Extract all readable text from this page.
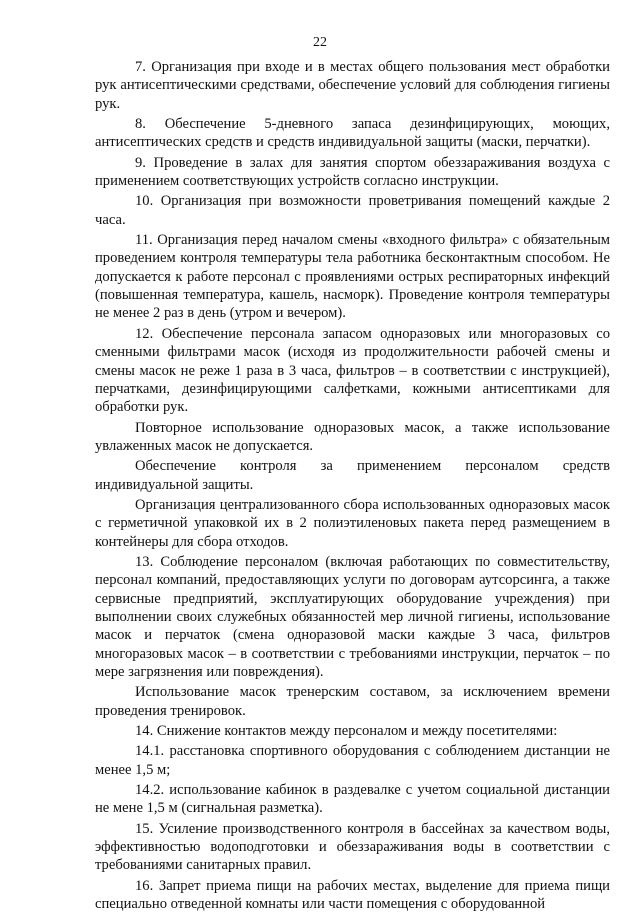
22

7. Организация при входе и в местах общего пользования мест обработки рук антисептическими средствами, обеспечение условий для соблюдения гигиены рук.

8. Обеспечение 5-дневного запаса дезинфицирующих, моющих, антисептических средств и средств индивидуальной защиты (маски, перчатки).

9. Проведение в залах для занятия спортом обеззараживания воздуха с применением соответствующих устройств согласно инструкции.

10. Организация при возможности проветривания помещений каждые 2 часа.

11. Организация перед началом смены «входного фильтра» с обязательным проведением контроля температуры тела работника бесконтактным способом. Не допускается к работе персонал с проявлениями острых респираторных инфекций (повышенная температура, кашель, насморк). Проведение контроля температуры не менее 2 раз в день (утром и вечером).

12. Обеспечение персонала запасом одноразовых или многоразовых со сменными фильтрами масок (исходя из продолжительности рабочей смены и смены масок не реже 1 раза в 3 часа, фильтров – в соответствии с инструкцией), перчатками, дезинфицирующими салфетками, кожными антисептиками для обработки рук.

Повторное использование одноразовых масок, а также использование увлаженных масок не допускается.

Обеспечение контроля за применением персоналом средств индивидуальной защиты.

Организация централизованного сбора использованных одноразовых масок с герметичной упаковкой их в 2 полиэтиленовых пакета перед размещением в контейнеры для сбора отходов.

13. Соблюдение персоналом (включая работающих по совместительству, персонал компаний, предоставляющих услуги по договорам аутсорсинга, а также сервисные предприятий, эксплуатирующих оборудование учреждения) при выполнении своих служебных обязанностей мер личной гигиены, использование масок и перчаток (смена одноразовой маски каждые 3 часа, фильтров многоразовых масок – в соответствии с требованиями инструкции, перчаток – по мере загрязнения или повреждения).

Использование масок тренерским составом, за исключением времени проведения тренировок.

14. Снижение контактов между персоналом и между посетителями:

14.1. расстановка спортивного оборудования с соблюдением дистанции не менее 1,5 м;

14.2. использование кабинок в раздевалке с учетом социальной дистанции не мене 1,5 м (сигнальная разметка).

15. Усиление производственного контроля в бассейнах за качеством воды, эффективностью водоподготовки и обеззараживания воды в соответствии с требованиями санитарных правил.

16. Запрет приема пищи на рабочих местах, выделение для приема пищи специально отведенной комнаты или части помещения с оборудованной
